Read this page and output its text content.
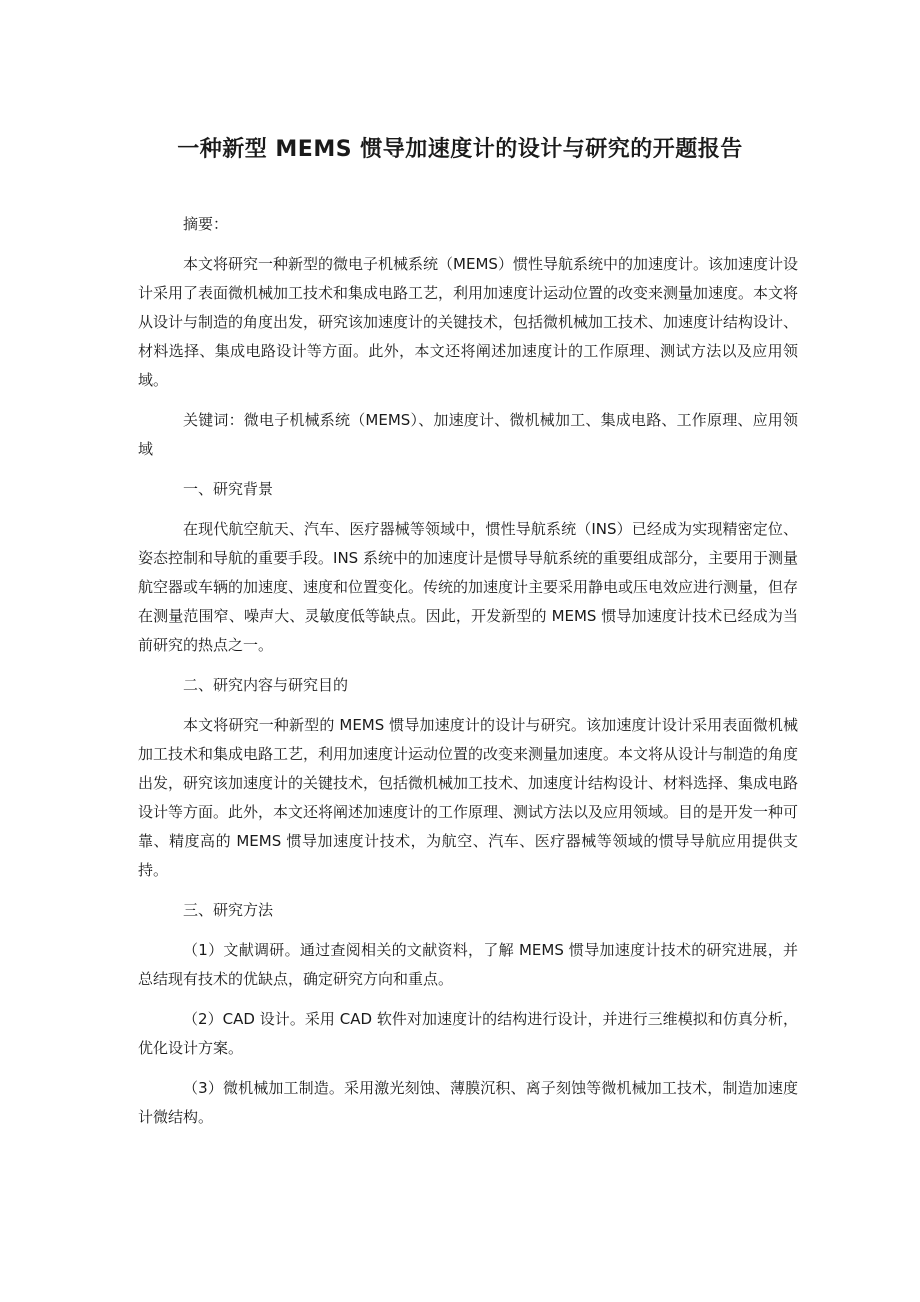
一种新型 MEMS 惯导加速度计的设计与研究的开题报告

摘要：

本文将研究一种新型的微电子机械系统（MEMS）惯性导航系统中的加速度计。该加速度计设计采用了表面微机械加工技术和集成电路工艺，利用加速度计运动位置的改变来测量加速度。本文将从设计与制造的角度出发，研究该加速度计的关键技术，包括微机械加工技术、加速度计结构设计、材料选择、集成电路设计等方面。此外，本文还将阐述加速度计的工作原理、测试方法以及应用领域。

关键词：微电子机械系统（MEMS）、加速度计、微机械加工、集成电路、工作原理、应用领域

一、研究背景

在现代航空航天、汽车、医疗器械等领域中，惯性导航系统（INS）已经成为实现精密定位、姿态控制和导航的重要手段。INS 系统中的加速度计是惯导导航系统的重要组成部分，主要用于测量航空器或车辆的加速度、速度和位置变化。传统的加速度计主要采用静电或压电效应进行测量，但存在测量范围窄、噪声大、灵敏度低等缺点。因此，开发新型的 MEMS 惯导加速度计技术已经成为当前研究的热点之一。

二、研究内容与研究目的

本文将研究一种新型的 MEMS 惯导加速度计的设计与研究。该加速度计设计采用表面微机械加工技术和集成电路工艺，利用加速度计运动位置的改变来测量加速度。本文将从设计与制造的角度出发，研究该加速度计的关键技术，包括微机械加工技术、加速度计结构设计、材料选择、集成电路设计等方面。此外，本文还将阐述加速度计的工作原理、测试方法以及应用领域。目的是开发一种可靠、精度高的 MEMS 惯导加速度计技术，为航空、汽车、医疗器械等领域的惯导导航应用提供支持。

三、研究方法

（1）文献调研。通过查阅相关的文献资料，了解 MEMS 惯导加速度计技术的研究进展，并总结现有技术的优缺点，确定研究方向和重点。

（2）CAD 设计。采用 CAD 软件对加速度计的结构进行设计，并进行三维模拟和仿真分析，优化设计方案。

（3）微机械加工制造。采用激光刻蚀、薄膜沉积、离子刻蚀等微机械加工技术，制造加速度计微结构。
